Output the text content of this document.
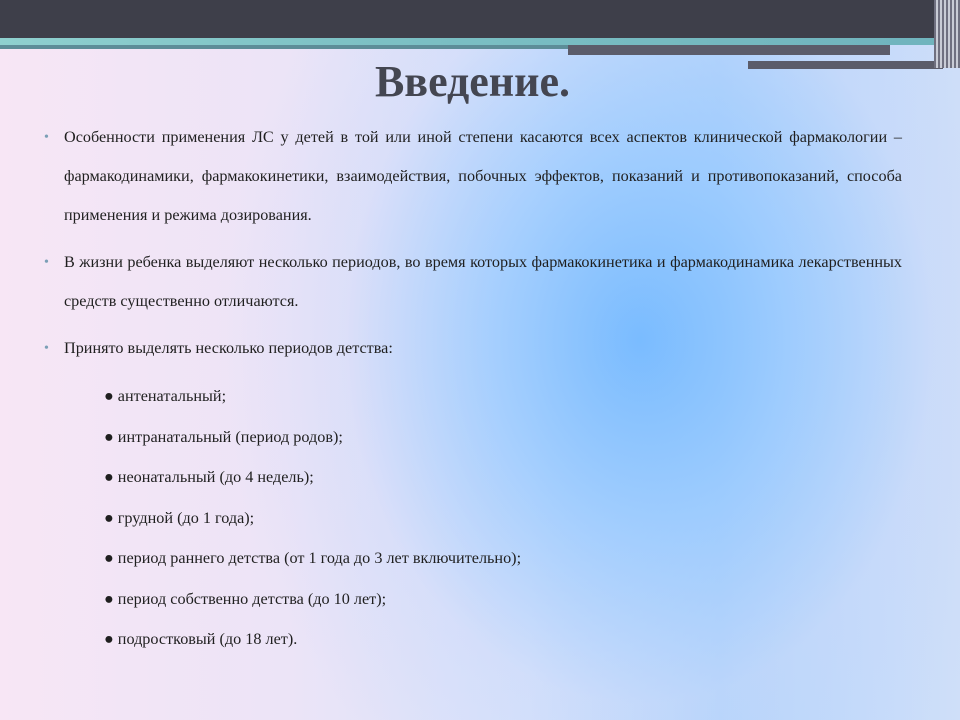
Введение.

• Особенности применения ЛС у детей в той или иной степени касаются всех аспектов клинической фармакологии – фармакодинамики, фармакокинетики, взаимодействия, побочных эффектов, показаний и противопоказаний, способа применения и режима дозирования.

• В жизни ребенка выделяют несколько периодов, во время которых фармакокинетика и фармакодинамика лекарственных средств существенно отличаются.

• Принято выделять несколько периодов детства:

● антенатальный;

● интранатальный (период родов);

● неонатальный (до 4 недель);

● грудной (до 1 года);

● период раннего детства (от 1 года до 3 лет включительно);

● период собственно детства (до 10 лет);

● подростковый (до 18 лет).
